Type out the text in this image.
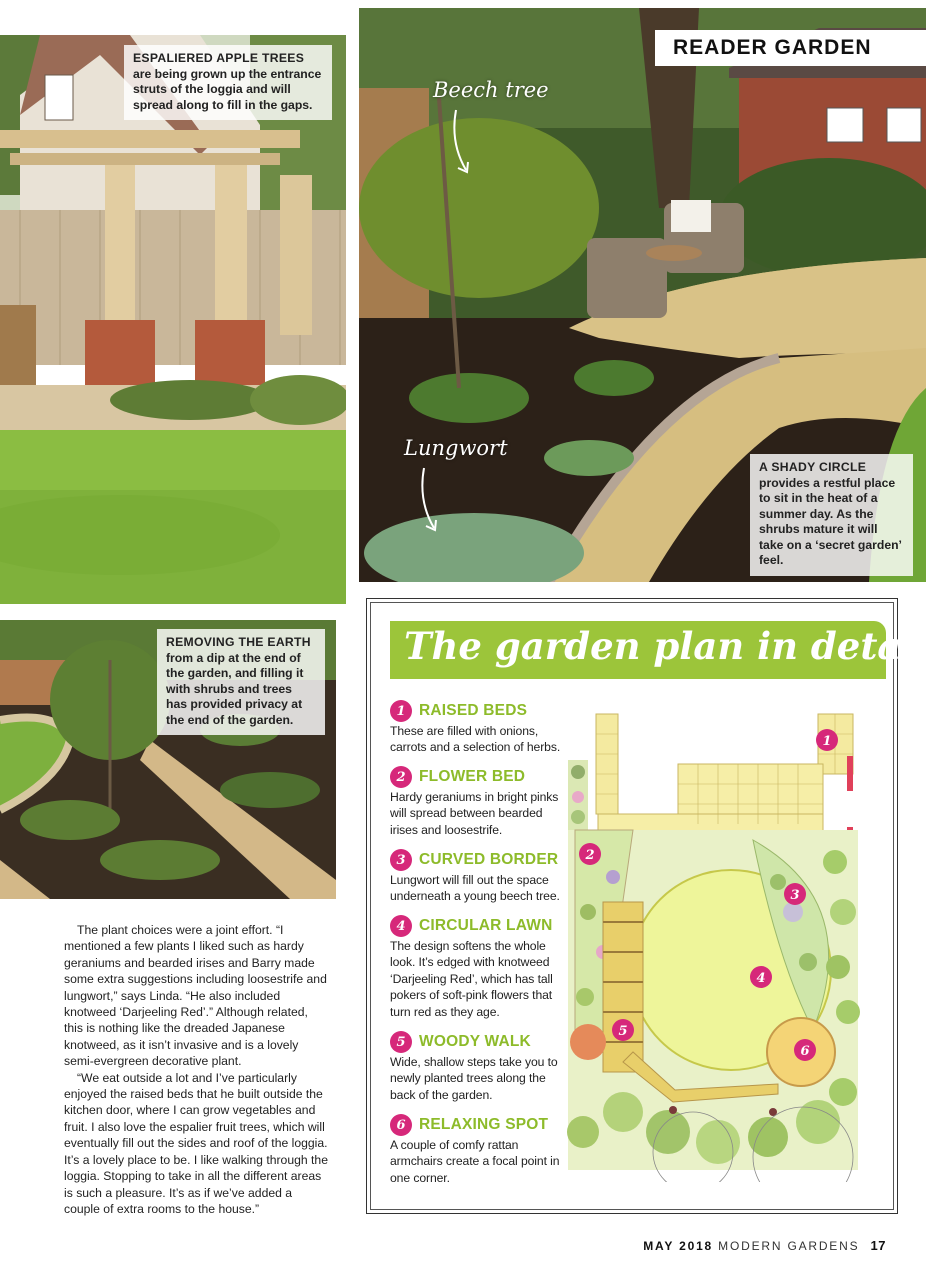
ESPALIERED APPLE TREES are being grown up the entrance struts of the loggia and will spread along to fill in the gaps.
READER GARDEN
Beech tree
Lungwort
A SHADY CIRCLE
provides a restful place to sit in the heat of a summer day. As the shrubs mature it will take on a ‘secret garden’ feel.
REMOVING THE EARTH from a dip at the end of the garden, and filling it with shrubs and trees has provided privacy at the end of the garden.

The plant choices were a joint effort. “I mentioned a few plants I liked such as hardy geraniums and bearded irises and Barry made some extra suggestions including loosestrife and lungwort,” says Linda. “He also included knotweed ‘Darjeeling Red’.” Although related, this is nothing like the dreaded Japanese knotweed, as it isn’t invasive and is a lovely semi-evergreen decorative plant.

“We eat outside a lot and I’ve particularly enjoyed the raised beds that he built outside the kitchen door, where I can grow vegetables and fruit. I also love the espalier fruit trees, which will eventually fill out the sides and roof of the loggia. It’s a lovely place to be. I like walking through the loggia. Stopping to take in all the different areas is such a pleasure. It’s as if we’ve added a couple of extra rooms to the house.”

The garden plan in detail
1 RAISED BEDS
These are filled with onions, carrots and a selection of herbs.
2 FLOWER BED
Hardy geraniums in bright pinks will spread between bearded irises and loosestrife.
3 CURVED BORDER
Lungwort will fill out the space underneath a young beech tree.
4 CIRCULAR LAWN
The design softens the whole look. It’s edged with knotweed ‘Darjeeling Red’, which has tall pokers of soft-pink flowers that turn red as they age.
5 WOODY WALK
Wide, shallow steps take you to newly planted trees along the back of the garden.
6 RELAXING SPOT
A couple of comfy rattan armchairs create a focal point in one corner.
1
2
3
4
5
6
MAY 2018 MODERN GARDENS 17
